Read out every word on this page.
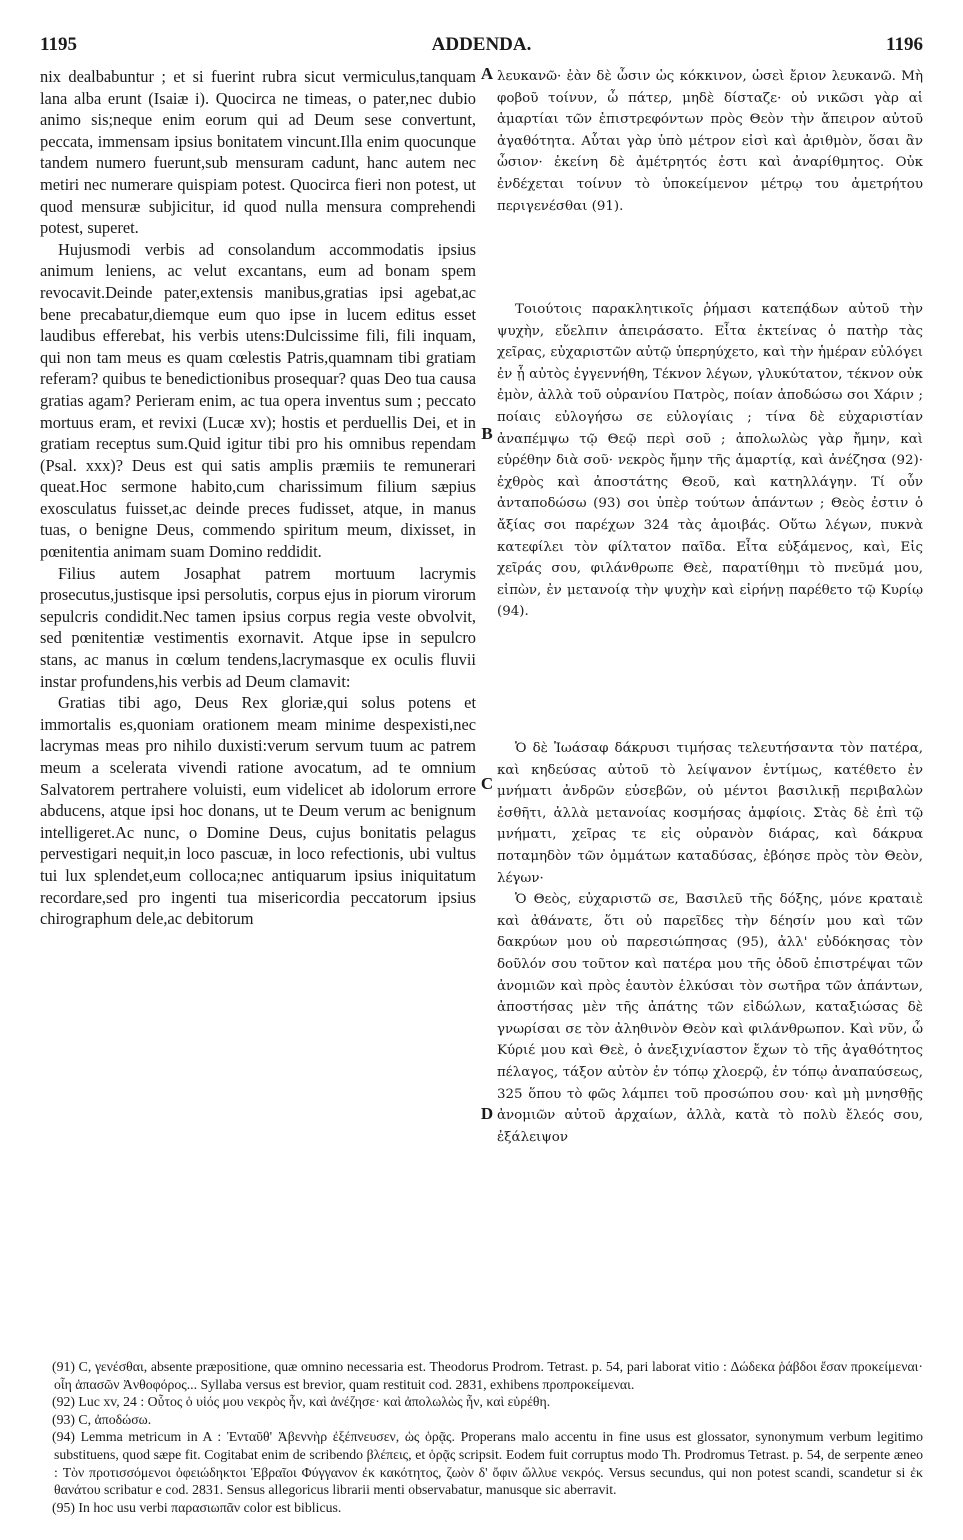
1195	ADDENDA.	1196
A
B
C
D

nix dealbabuntur ; et si fuerint rubra sicut vermiculus,tanquam lana alba erunt (Isaiæ i). Quocirca ne timeas, o pater,nec dubio animo sis;neque enim eorum qui ad Deum sese convertunt, peccata, immensam ipsius bonitatem vincunt.Illa enim quocunque tandem numero fuerunt,sub mensuram cadunt, hanc autem nec metiri nec numerare quispiam potest. Quocirca fieri non potest, ut quod mensuræ subjicitur, id quod nulla mensura comprehendi potest, superet.

Hujusmodi verbis ad consolandum accommodatis ipsius animum leniens, ac velut excantans, eum ad bonam spem revocavit.Deinde pater,extensis manibus,gratias ipsi agebat,ac bene precabatur,diemque eum quo ipse in lucem editus esset laudibus efferebat, his verbis utens:Dulcissime fili, fili inquam, qui non tam meus es quam cœlestis Patris,quamnam tibi gratiam referam? quibus te benedictionibus prosequar? quas Deo tua causa gratias agam? Perieram enim, ac tua opera inventus sum ; peccato mortuus eram, et revixi (Lucæ xv); hostis et perduellis Dei, et in gratiam receptus sum.Quid igitur tibi pro his omnibus rependam (Psal. xxx)? Deus est qui satis amplis præmiis te remunerari queat.Hoc sermone habito,cum charissimum filium sæpius exosculatus fuisset,ac deinde preces fudisset, atque, in manus tuas, o benigne Deus, commendo spiritum meum, dixisset, in pœnitentia animam suam Domino reddidit.

Filius autem Josaphat patrem mortuum lacrymis prosecutus,justisque ipsi persolutis, corpus ejus in piorum virorum sepulcris condidit.Nec tamen ipsius corpus regia veste obvolvit, sed pœnitentiæ vestimentis exornavit. Atque ipse in sepulcro stans, ac manus in cœlum tendens,lacrymasque ex oculis fluvii instar profundens,his verbis ad Deum clamavit:

Gratias tibi ago, Deus Rex gloriæ,qui solus potens et immortalis es,quoniam orationem meam minime despexisti,nec lacrymas meas pro nihilo duxisti:verum servum tuum ac patrem meum a scelerata vivendi ratione avocatum, ad te omnium Salvatorem pertrahere voluisti, eum videlicet ab idolorum errore abducens, atque ipsi hoc donans, ut te Deum verum ac benignum intelligeret.Ac nunc, o Domine Deus, cujus bonitatis pelagus pervestigari nequit,in loco pascuæ, in loco refectionis, ubi vultus tui lux splendet,eum colloca;nec antiquarum ipsius iniquitatum recordare,sed pro ingenti tua misericordia peccatorum ipsius chirographum dele,ac debitorum

λευκανῶ· ἐὰν δὲ ὦσιν ὡς κόκκινον, ὡσεὶ ἔριον λευκανῶ. Μὴ φοβοῦ τοίνυν, ὦ πάτερ, μηδὲ δίσταζε· οὐ νικῶσι γὰρ αἱ ἁμαρτίαι τῶν ἐπιστρεφόντων πρὸς Θεὸν τὴν ἄπειρον αὐτοῦ ἀγαθότητα. Αὗται γὰρ ὑπὸ μέτρον εἰσὶ καὶ ἀριθμὸν, ὅσαι ἂν ὦσιον· ἐκείνη δὲ ἀμέτρητός ἐστι καὶ ἀναρίθμητος. Οὐκ ἐνδέχεται τοίνυν τὸ ὑποκείμενον μέτρῳ του ἀμετρήτου περιγενέσθαι (91).

Τοιούτοις παρακλητικοῖς ῥήμασι κατεπᾴδων αὐτοῦ τὴν ψυχὴν, εὔελπιν ἀπειράσατο. Εἶτα ἐκτείνας ὁ πατὴρ τὰς χεῖρας, εὐχαριστῶν αὐτῷ ὑπερηύχετο, καὶ τὴν ἡμέραν εὐλόγει ἐν ᾗ αὐτὸς ἐγγεννήθη, Τέκνον λέγων, γλυκύτατον, τέκνον οὐκ ἐμὸν, ἀλλὰ τοῦ οὐρανίου Πατρὸς, ποίαν ἀποδώσω σοι Χάριν ; ποίαις εὐλογήσω σε εὐλογίαις ; τίνα δὲ εὐχαριστίαν ἀναπέμψω τῷ Θεῷ περὶ σοῦ ; ἀπολωλὼς γὰρ ἤμην, καὶ εὑρέθην διὰ σοῦ· νεκρὸς ἤμην τῆς ἁμαρτίᾳ, καὶ ἀνέζησα (92)· ἐχθρὸς καὶ ἀποστάτης Θεοῦ, καὶ κατηλλάγην. Τί οὖν ἀνταποδώσω (93) σοι ὑπὲρ τούτων ἁπάντων ; Θεὸς ἐστιν ὁ ἄξίας σοι παρέχων 324 τὰς ἀμοιβάς. Οὕτω λέγων, πυκνὰ κατεφίλει τὸν φίλτατον παῖδα. Εἶτα εὐξάμενος, καὶ, Εἰς χεῖράς σου, φιλάνθρωπε Θεὲ, παρατίθημι τὸ πνεῦμά μου, εἰπὼν, ἐν μετανοίᾳ τὴν ψυχὴν καὶ εἰρήνῃ παρέθετο τῷ Κυρίῳ (94).

Ὁ δὲ Ἰωάσαφ δάκρυσι τιμήσας τελευτήσαντα τὸν πατέρα, καὶ κηδεύσας αὐτοῦ τὸ λείψανον ἐντίμως, κατέθετο ἐν μνήματι ἀνδρῶν εὐσεβῶν, οὐ μέντοι βασιλικῇ περιβαλὼν ἐσθῆτι, ἀλλὰ μετανοίας κοσμήσας ἀμφίοις. Στὰς δὲ ἐπὶ τῷ μνήματι, χεῖρας τε εἰς οὐρανὸν διάρας, καὶ δάκρυα ποταμηδὸν τῶν ὀμμάτων καταδύσας, ἐβόησε πρὸς τὸν Θεὸν, λέγων·

Ὁ Θεὸς, εὐχαριστῶ σε, Βασιλεῦ τῆς δόξης, μόνε κραταιὲ καὶ ἀθάνατε, ὅτι οὐ παρεῖδες τὴν δέησίν μου καὶ τῶν δακρύων μου οὐ παρεσιώπησας (95), ἀλλ' εὐδόκησας τὸν δοῦλόν σου τοῦτον καὶ πατέρα μου τῆς ὁδοῦ ἐπιστρέψαι τῶν ἀνομιῶν καὶ πρὸς ἑαυτὸν ἑλκύσαι τὸν σωτῆρα τῶν ἁπάντων, ἀποστήσας μὲν τῆς ἀπάτης τῶν εἰδώλων, καταξιώσας δὲ γνωρίσαι σε τὸν ἀληθινὸν Θεὸν καὶ φιλάνθρωπον. Καὶ νῦν, ὦ Κύριέ μου καὶ Θεὲ, ὁ ἀνεξιχνίαστον ἔχων τὸ τῆς ἀγαθότητος πέλαγος, τάξον αὐτὸν ἐν τόπῳ χλοερῷ, ἐν τόπῳ ἀναπαύσεως, 325 ὅπου τὸ φῶς λάμπει τοῦ προσώπου σου· καὶ μὴ μνησθῇς ἀνομιῶν αὐτοῦ ἀρχαίων, ἀλλὰ, κατὰ τὸ πολὺ ἔλεός σου, ἐξάλειψον

(91) C, γενέσθαι, absente præpositione, quæ omnino necessaria est. Theodorus Prodrom. Tetrast. p. 54, pari laborat vitio : Δώδεκα ῥάβδοι ἔσαν προκείμεναι· οἷη ἁπασῶν Ἀνθοφόρος... Syllaba versus est brevior, quam restituit cod. 2831, exhibens προπροκείμεναι.

(92) Luc xv, 24 : Οὗτος ὁ υἱός μου νεκρὸς ἦν, καὶ ἀνέζησε· καὶ ἀπολωλὼς ἦν, καὶ εὑρέθη.

(93) C, ἀποδώσω.

(94) Lemma metricum in A : Ἐνταῦθ' Ἀβεννὴρ ἐξέπνευσεν, ὡς ὁρᾷς. Properans malo accentu in fine usus est glossator, synonymum verbum legitimo substituens, quod sæpe fit. Cogitabat enim de scribendo βλέπεις, et ὁρᾷς scripsit. Eodem fuit corruptus modo Th. Prodromus Tetrast. p. 54, de serpente æneo : Τὸν προτισσόμενοι ὀφειώδηκτοι Ἑβραῖοι Φύγγανον ἐκ κακότητος, ζωὸν δ' ὄφιν ὤλλυε νεκρός. Versus secundus, qui non potest scandi, scandetur si ἐκ θανάτου scribatur e cod. 2831. Sensus allegoricus librarii menti observabatur, manusque sic aberravit.

(95) In hoc usu verbi παρασιωπᾶν color est biblicus.
